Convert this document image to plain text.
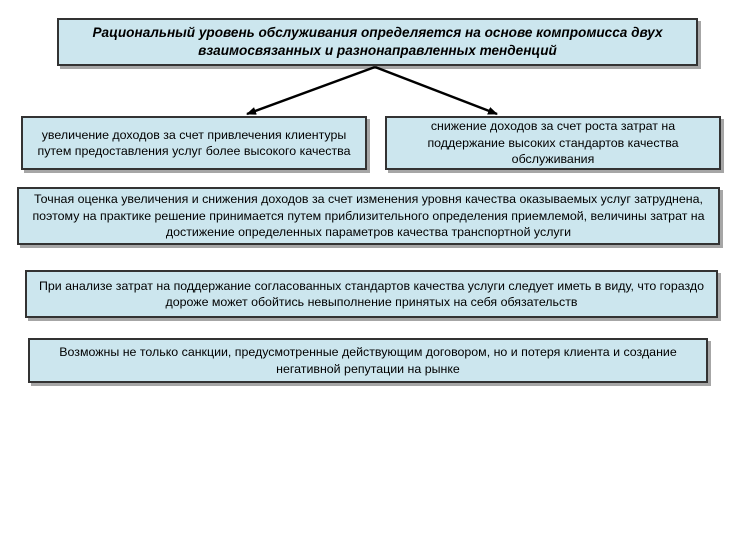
Рациональный уровень обслуживания определяется на основе компромисса двух взаимосвязанных и разнонаправленных тенденций
увеличение доходов за счет привлечения клиентуры путем предоставления услуг более высокого качества
снижение доходов за счет роста затрат на поддержание высоких стандартов качества обслуживания
Точная оценка увеличения и снижения доходов за счет изменения уровня качества оказываемых услуг затруднена, поэтому на практике решение принимается путем приблизительного определения приемлемой, величины затрат на достижение определенных параметров качества транспортной услуги
При анализе затрат на поддержание согласованных стандартов качества услуги следует иметь в виду, что гораздо дороже может обойтись невыполнение принятых на себя обязательств
Возможны не только санкции, предусмотренные действующим договором, но и потеря клиента и создание негативной репутации на рынке
